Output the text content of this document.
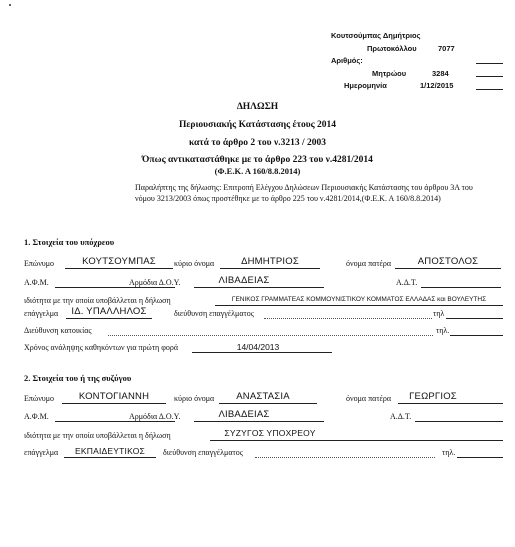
Κουτσούμπας Δημήτριος
Πρωτοκόλλου	7077
Αριθμός:
Μητρώου	3284
Ημερομηνία	1/12/2015
ΔΗΛΩΣΗ
Περιουσιακής Κατάστασης έτους 2014
κατά το άρθρο 2 του ν.3213 / 2003
Όπως αντικαταστάθηκε με το άρθρο 223 του ν.4281/2014
(Φ.Ε.Κ. Α 160/8.8.2014)
Παραλήπτης της δήλωσης: Επιτροπή Ελέγχου Δηλώσεων Περιουσιακής Κατάστασης του άρθρου 3Α του νόμου 3213/2003 όπως προστέθηκε με το άρθρο 225 του ν.4281/2014,(Φ.Ε.Κ. Α 160/8.8.2014)
1. Στοιχεία του υπόχρεου
Επώνυμο	ΚΟΥΤΣΟΥΜΠΑΣ	κύριο όνομα	ΔΗΜΗΤΡΙΟΣ	όνομα πατέρα	ΑΠΟΣΤΟΛΟΣ
Α.Φ.Μ.	Αρμόδια Δ.Ο.Υ.	ΛΙΒΑΔΕΙΑΣ	Α.Δ.Τ.
ιδιότητα με την οποία υποβάλλεται η δήλωση	ΓΕΝΙΚΟΣ ΓΡΑΜΜΑΤΕΑΣ ΚΟΜΜΟΥΝΙΣΤΙΚΟΥ ΚΟΜΜΑΤΟΣ ΕΛΛΑΔΑΣ και ΒΟΥΛΕΥΤΗΣ
επάγγελμα	ΙΔ. ΥΠΑΛΛΗΛΟΣ	διεύθυνση επαγγέλματος	τηλ
Διεύθυνση κατοικίας	τηλ.
Χρόνος ανάληψης καθηκόντων για πρώτη φορά	14/04/2013
2. Στοιχεία του ή της συζύγου
Επώνυμο	ΚΟΝΤΟΓΙΑΝΝΗ	κύριο όνομα	ΑΝΑΣΤΑΣΙΑ	όνομα πατέρα	ΓΕΩΡΓΙΟΣ
Α.Φ.Μ.	Αρμόδια Δ.Ο.Υ.	ΛΙΒΑΔΕΙΑΣ	Α.Δ.Τ.
ιδιότητα με την οποία υποβάλλεται η δήλωση	ΣΥΖΥΓΟΣ ΥΠΟΧΡΕΟΥ
επάγγελμα	ΕΚΠΑΙΔΕΥΤΙΚΟΣ	διεύθυνση επαγγέλματος	τηλ.
